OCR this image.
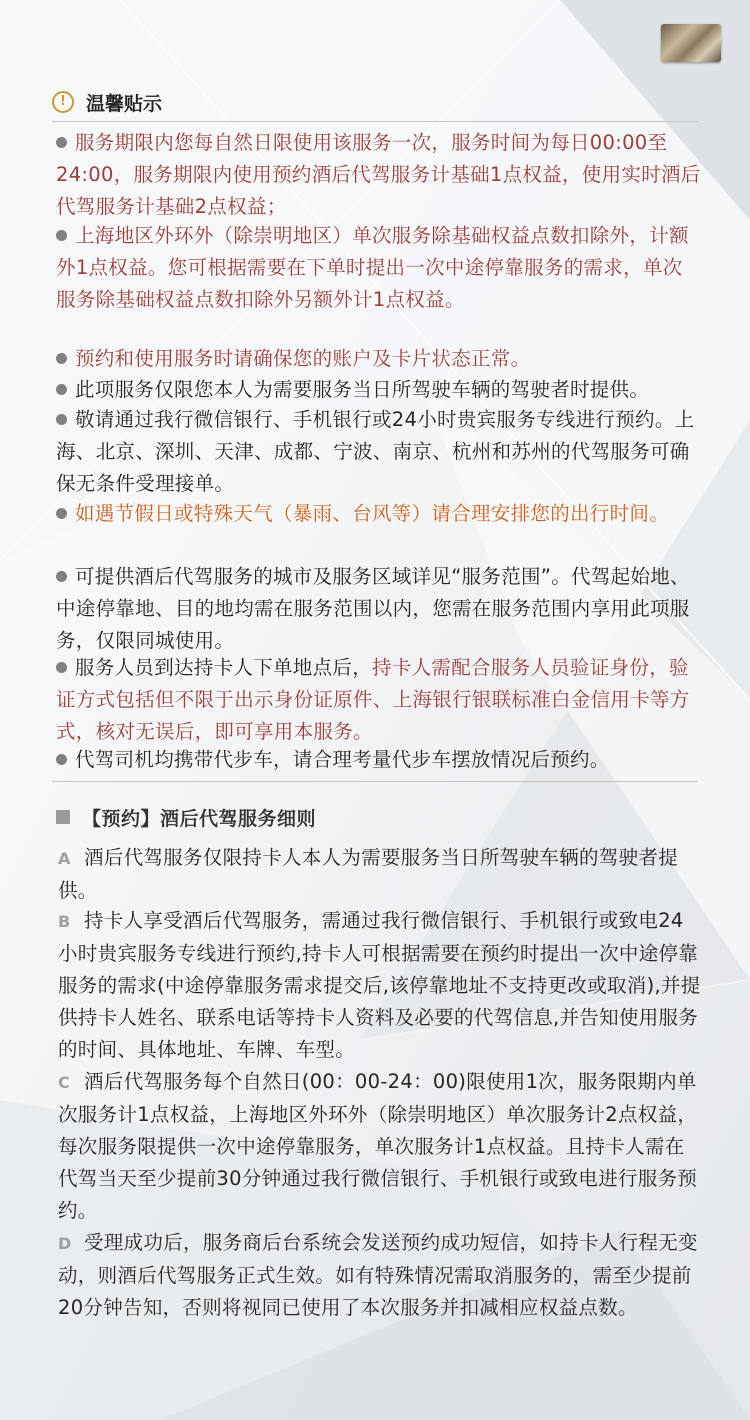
!	温馨贴示
服务期限内您每自然日限使用该服务一次，服务时间为每日00:00至24:00，服务期限内使用预约酒后代驾服务计基础1点权益，使用实时酒后代驾服务计基础2点权益；
上海地区外环外（除崇明地区）单次服务除基础权益点数扣除外，计额外1点权益。您可根据需要在下单时提出一次中途停靠服务的需求，单次服务除基础权益点数扣除外另额外计1点权益。
预约和使用服务时请确保您的账户及卡片状态正常。
此项服务仅限您本人为需要服务当日所驾驶车辆的驾驶者时提供。
敬请通过我行微信银行、手机银行或24小时贵宾服务专线进行预约。上海、北京、深圳、天津、成都、宁波、南京、杭州和苏州的代驾服务可确保无条件受理接单。
如遇节假日或特殊天气（暴雨、台风等）请合理安排您的出行时间。
可提供酒后代驾服务的城市及服务区域详见“服务范围”。代驾起始地、中途停靠地、目的地均需在服务范围以内，您需在服务范围内享用此项服务，仅限同城使用。
服务人员到达持卡人下单地点后，持卡人需配合服务人员验证身份，验证方式包括但不限于出示身份证原件、上海银行银联标准白金信用卡等方式，核对无误后，即可享用本服务。
代驾司机均携带代步车，请合理考量代步车摆放情况后预约。
【预约】酒后代驾服务细则
A 酒后代驾服务仅限持卡人本人为需要服务当日所驾驶车辆的驾驶者提供。
B 持卡人享受酒后代驾服务，需通过我行微信银行、手机银行或致电24小时贵宾服务专线进行预约,持卡人可根据需要在预约时提出一次中途停靠服务的需求(中途停靠服务需求提交后,该停靠地址不支持更改或取消),并提供持卡人姓名、联系电话等持卡人资料及必要的代驾信息,并告知使用服务的时间、具体地址、车牌、车型。
C 酒后代驾服务每个自然日(00：00-24：00)限使用1次，服务限期内单次服务计1点权益，上海地区外环外（除崇明地区）单次服务计2点权益，每次服务限提供一次中途停靠服务，单次服务计1点权益。且持卡人需在代驾当天至少提前30分钟通过我行微信银行、手机银行或致电进行服务预约。
D 受理成功后，服务商后台系统会发送预约成功短信，如持卡人行程无变动，则酒后代驾服务正式生效。如有特殊情况需取消服务的，需至少提前20分钟告知，否则将视同已使用了本次服务并扣减相应权益点数。
